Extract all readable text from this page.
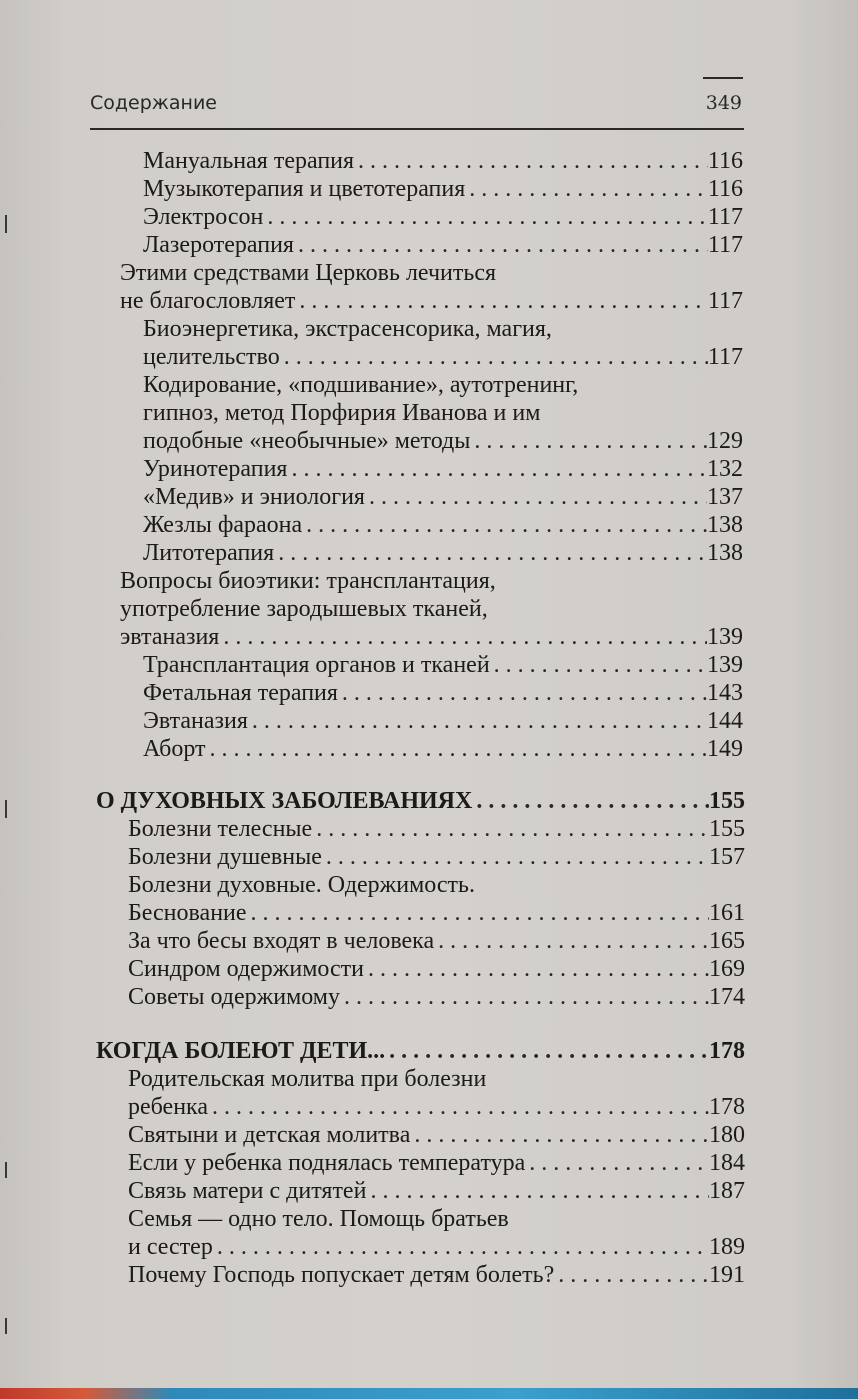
Содержание	349
Мануальная терапия . . .	116
Музыкотерапия и цветотерапия . . .	116
Электросон . . .	117
Лазеротерапия . . .	117
Этими средствами Церковь лечиться
не благословляет . . .	117
Биоэнергетика, экстрасенсорика, магия,
целительство . . .	117
Кодирование, «подшивание», аутотренинг,
гипноз, метод Порфирия Иванова и им
подобные «необычные» методы . . .	129
Уринотерапия . . .	132
«Медив» и эниология . . .	137
Жезлы фараона . . .	138
Литотерапия . . .	138
Вопросы биоэтики: трансплантация,
употребление зародышевых тканей,
эвтаназия . . .	139
Трансплантация органов и тканей . . .	139
Фетальная терапия . . .	143
Эвтаназия . . .	144
Аборт . . .	149
О ДУХОВНЫХ ЗАБОЛЕВАНИЯХ . . .	155
Болезни телесные . . .	155
Болезни душевные . . .	157
Болезни духовные. Одержимость.
Беснование . . .	161
За что бесы входят в человека . . .	165
Синдром одержимости . . .	169
Советы одержимому . . .	174
КОГДА БОЛЕЮТ ДЕТИ... . . .	178
Родительская молитва при болезни
ребенка . . .	178
Святыни и детская молитва . . .	180
Если у ребенка поднялась температура . . .	184
Связь матери с дитятей . . .	187
Семья — одно тело. Помощь братьев
и сестер . . .	189
Почему Господь попускает детям болеть? . . .	191
